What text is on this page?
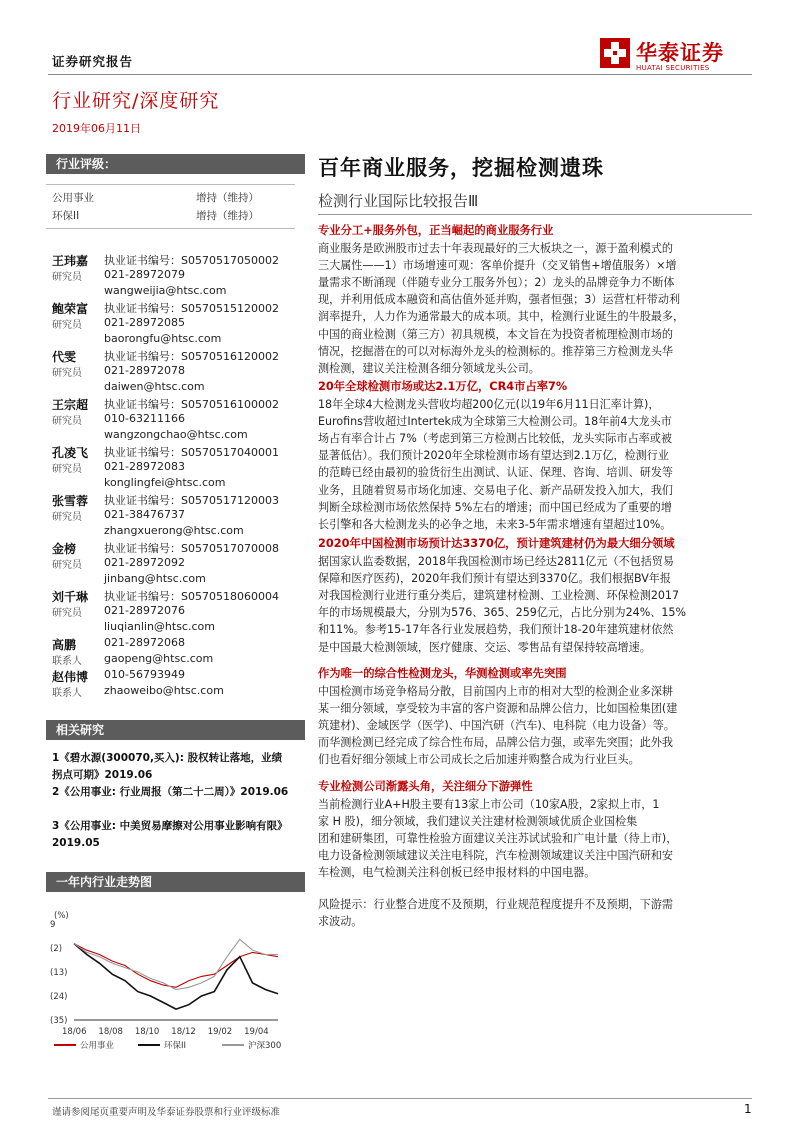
证券研究报告	华泰证券
HUATAI SECURITIES
行业研究/深度研究
2019年06月11日
行业评级：
公用事业	增持（维持）
环保II	增持（维持）
王玮嘉
研究员
执业证书编号：S0570517050002
021-28972079
wangweijia@htsc.com
鲍荣富
研究员
执业证书编号：S0570515120002
021-28972085
baorongfu@htsc.com
代雯
研究员
执业证书编号：S0570516120002
021-28972078
daiwen@htsc.com
王宗超
研究员
执业证书编号：S0570516100002
010-63211166
wangzongchao@htsc.com
孔凌飞
研究员
执业证书编号：S0570517040001
021-28972083
konglingfei@htsc.com
张雪蓉
研究员
执业证书编号：S0570517120003
021-38476737
zhangxuerong@htsc.com
金榜
研究员
执业证书编号：S0570517070008
021-28972092
jinbang@htsc.com
刘千琳
研究员
执业证书编号：S0570518060004
021-28972076
liuqianlin@htsc.com
高鹏
联系人
021-28972068
gaopeng@htsc.com
赵伟博
联系人
010-56793949
zhaoweibo@htsc.com
相关研究
1《碧水源(300070,买入): 股权转让落地，业绩拐点可期》2019.06
2《公用事业: 行业周报（第二十二周）》2019.06
3《公用事业: 中美贸易摩擦对公用事业影响有限》2019.05
一年内行业走势图
(%)
9
(2)
(13)
(24)
(35)
18/06 18/08 18/10 18/12 19/02 19/04
公用事业	环保II	沪深300
百年商业服务，挖掘检测遗珠
检测行业国际比较报告Ⅲ
专业分工+服务外包，正当崛起的商业服务行业
商业服务是欧洲股市过去十年表现最好的三大板块之一，源于盈利模式的
三大属性——1）市场增速可观：客单价提升（交叉销售+增值服务）×增
量需求不断涌现（伴随专业分工服务外包）；2）龙头的品牌竞争力不断体
现，并利用低成本融资和高估值外延并购，强者恒强；3）运营杠杆带动利
润率提升，人力作为通常最大的成本项。其中，检测行业诞生的牛股最多，
中国的商业检测（第三方）初具规模，本文旨在为投资者梳理检测市场的
情况，挖掘潜在的可以对标海外龙头的检测标的。推荐第三方检测龙头华
测检测，建议关注检测各细分领域龙头公司。
20年全球检测市场或达2.1万亿，CR4市占率7%
18年全球4大检测龙头营收均超200亿元(以19年6月11日汇率计算)，
Eurofins营收超过Intertek成为全球第三大检测公司。18年前4大龙头市
场占有率合计占 7%（考虑到第三方检测占比较低，龙头实际市占率或被
显著低估）。我们预计2020年全球检测市场有望达到2.1万亿，检测行业
的范畴已经由最初的验货衍生出测试、认证、保理、咨询、培训、研发等
业务，且随着贸易市场化加速、交易电子化、新产品研发投入加大，我们
判断全球检测市场依然保持 5%左右的增速；而中国已经成为了重要的增
长引擎和各大检测龙头的必争之地，未来3-5年需求增速有望超过10%。
2020年中国检测市场预计达3370亿，预计建筑建材仍为最大细分领域
据国家认监委数据，2018年我国检测市场已经达2811亿元（不包括贸易
保障和医疗医药)，2020年我们预计有望达到3370亿。我们根据BV年报
对我国检测行业进行重分类后，建筑建材检测、工业检测、环保检测2017
年的市场规模最大，分别为576、365、259亿元，占比分别为24%、15%
和11%。参考15-17年各行业发展趋势，我们预计18-20年建筑建材依然
是中国最大检测领域，医疗健康、交运、零售品有望保持较高增速。
作为唯一的综合性检测龙头，华测检测或率先突围
中国检测市场竞争格局分散，目前国内上市的相对大型的检测企业多深耕
某一细分领域，享受较为丰富的客户资源和品牌公信力，比如国检集团(建
筑建材)、金域医学（医学)、中国汽研（汽车)、电科院（电力设备）等。
而华测检测已经完成了综合性布局，品牌公信力强，或率先突围；此外我
们也看好细分领域上市公司成长之后加速并购整合成为行业巨头。
专业检测公司渐露头角，关注细分下游弹性
当前检测行业A+H股主要有13家上市公司（10家A股，2家拟上市，1
家 H 股)，细分领域，我们建议关注建材检测领域优质企业国检集
团和建研集团，可靠性检验方面建议关注苏试试验和广电计量（待上市)，
电力设备检测领域建议关注电科院，汽车检测领域建议关注中国汽研和安
车检测，电气检测关注科创板已经申报材料的中国电器。
风险提示：行业整合进度不及预期，行业规范程度提升不及预期，下游需
求波动。
谨请参阅尾页重要声明及华泰证券股票和行业评级标准	1
